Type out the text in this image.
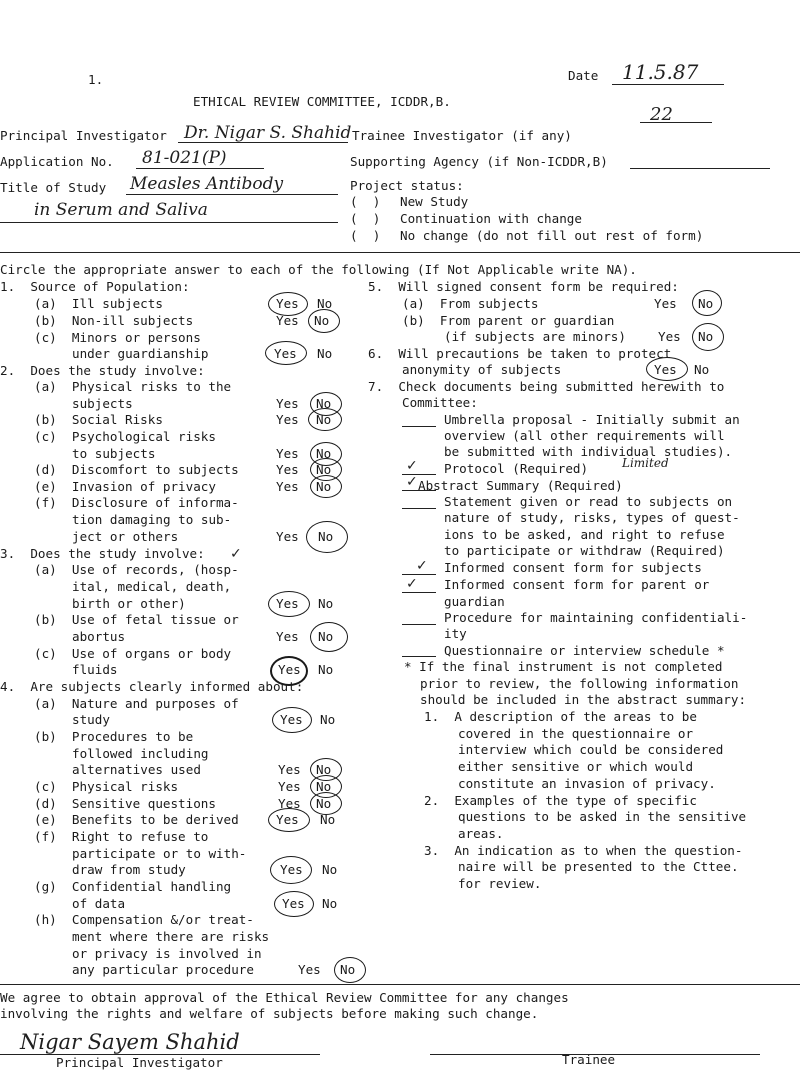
1.	Date 11.5.87
22
ETHICAL REVIEW COMMITTEE, ICDDR,B.
Principal Investigator Dr. Nigar S. Shahid Trainee Investigator (if any)
Application No. 81-021(P)	Supporting Agency (if Non-ICDDR,B)
Title of Study Measles Antibody
in Serum and Saliva
Project status:
(  ) New Study
(  ) Continuation with change
(  ) No change (do not fill out rest of form)
Circle the appropriate answer to each of the following (If Not Applicable write NA).
1.  Source of Population:
(a)  Ill subjects	Yes No
(b)  Non-ill subjects	Yes No
(c)  Minors or persons
under guardianship	Yes No
2.  Does the study involve:
(a)  Physical risks to the
subjects	Yes No
(b)  Social Risks	Yes No
(c)  Psychological risks
to subjects	Yes No
(d)  Discomfort to subjects	Yes No
(e)  Invasion of privacy	Yes No
(f)  Disclosure of informa-
tion damaging to sub-
ject or others	Yes No
3.  Does the study involve: ✓
(a)  Use of records, (hosp-
ital, medical, death,
birth or other)	Yes No
(b)  Use of fetal tissue or
abortus	Yes No
(c)  Use of organs or body
fluids	Yes No
4.  Are subjects clearly informed about:
(a)  Nature and purposes of
study	Yes No
(b)  Procedures to be
followed including
alternatives used	Yes No
(c)  Physical risks	Yes No
(d)  Sensitive questions	Yes No
(e)  Benefits to be derived	Yes No
(f)  Right to refuse to
participate or to with-
draw from study	Yes No
(g)  Confidential handling
of data	Yes No
(h)  Compensation &/or treat-
ment where there are risks
or privacy is involved in
any particular procedure	Yes No
5.  Will signed consent form be required:
(a)  From subjects	Yes No
(b)  From parent or guardian
(if subjects are minors)	Yes No
6.  Will precautions be taken to protect
anonymity of subjects	Yes No
7.  Check documents being submitted herewith to
Committee:
Umbrella proposal - Initially submit an
overview (all other requirements will
be submitted with individual studies).
✓ Protocol (Required)	Limited
✓ Abstract Summary (Required)
Statement given or read to subjects on
nature of study, risks, types of quest-
ions to be asked, and right to refuse
to participate or withdraw (Required)
✓ Informed consent form for subjects
✓ Informed consent form for parent or
guardian
Procedure for maintaining confidentiali-
ity
Questionnaire or interview schedule *
* If the final instrument is not completed
prior to review, the following information
should be included in the abstract summary:
1.  A description of the areas to be
covered in the questionnaire or
interview which could be considered
either sensitive or which would
constitute an invasion of privacy.
2.  Examples of the type of specific
questions to be asked in the sensitive
areas.
3.  An indication as to when the question-
naire will be presented to the Cttee.
for review.
We agree to obtain approval of the Ethical Review Committee for any changes
involving the rights and welfare of subjects before making such change.
Nigar Sayem Shahid
Principal Investigator	Trainee
